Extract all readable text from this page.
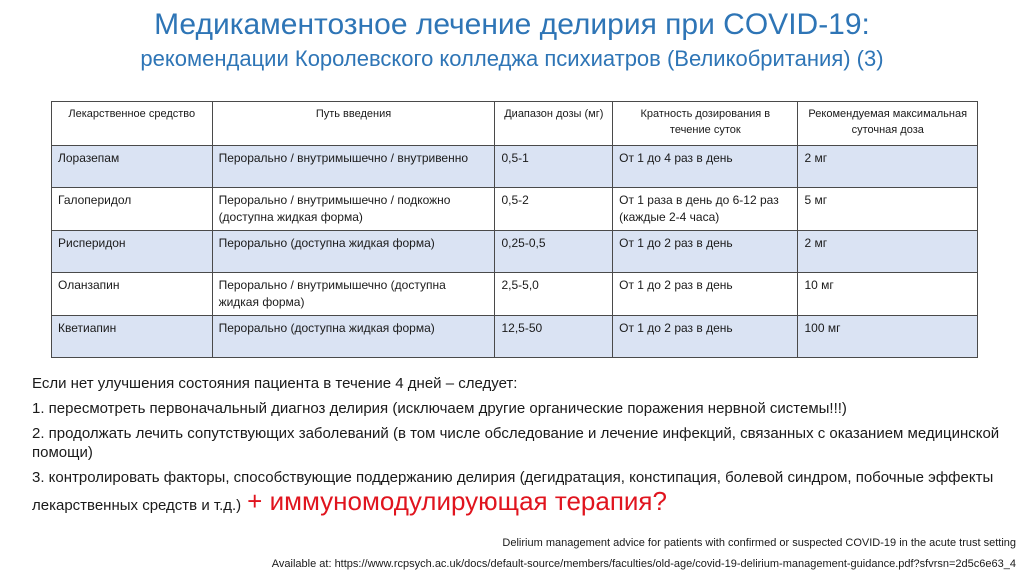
Медикаментозное лечение делирия при COVID-19:
рекомендации Королевского колледжа психиатров (Великобритания) (3)
Лекарственное средство	Путь введения	Диапазон дозы (мг)	Кратность дозирования в течение суток	Рекомендуемая максимальная суточная доза
Лоразепам	Перорально / внутримышечно / внутривенно	0,5-1	От 1 до 4 раз в день	2 мг
Галоперидол	Перорально / внутримышечно / подкожно (доступна жидкая форма)	0,5-2	От 1 раза в день до 6-12 раз (каждые 2-4 часа)	5 мг
Рисперидон	Перорально (доступна жидкая форма)	0,25-0,5	От 1 до 2 раз в день	2 мг
Оланзапин	Перорально / внутримышечно (доступна жидкая форма)	2,5-5,0	От 1 до 2 раз в день	10 мг
Кветиапин	Перорально (доступна жидкая форма)	12,5-50	От 1 до 2 раз в день	100 мг

Если нет улучшения состояния пациента в течение 4 дней – следует:

1. пересмотреть первоначальный диагноз делирия (исключаем другие органические поражения нервной системы!!!)

2. продолжать лечить сопутствующих заболеваний (в том числе обследование и лечение инфекций, связанных с оказанием медицинской помощи)

3. контролировать факторы, способствующие поддержанию делирия (дегидратация, констипация, болевой синдром, побочные эффекты лекарственных средств и т.д.) + иммуномодулирующая терапия?

Delirium management advice for patients with confirmed or suspected COVID-19 in the acute trust setting
Available at: https://www.rcpsych.ac.uk/docs/default-source/members/faculties/old-age/covid-19-delirium-management-guidance.pdf?sfvrsn=2d5c6e63_4
